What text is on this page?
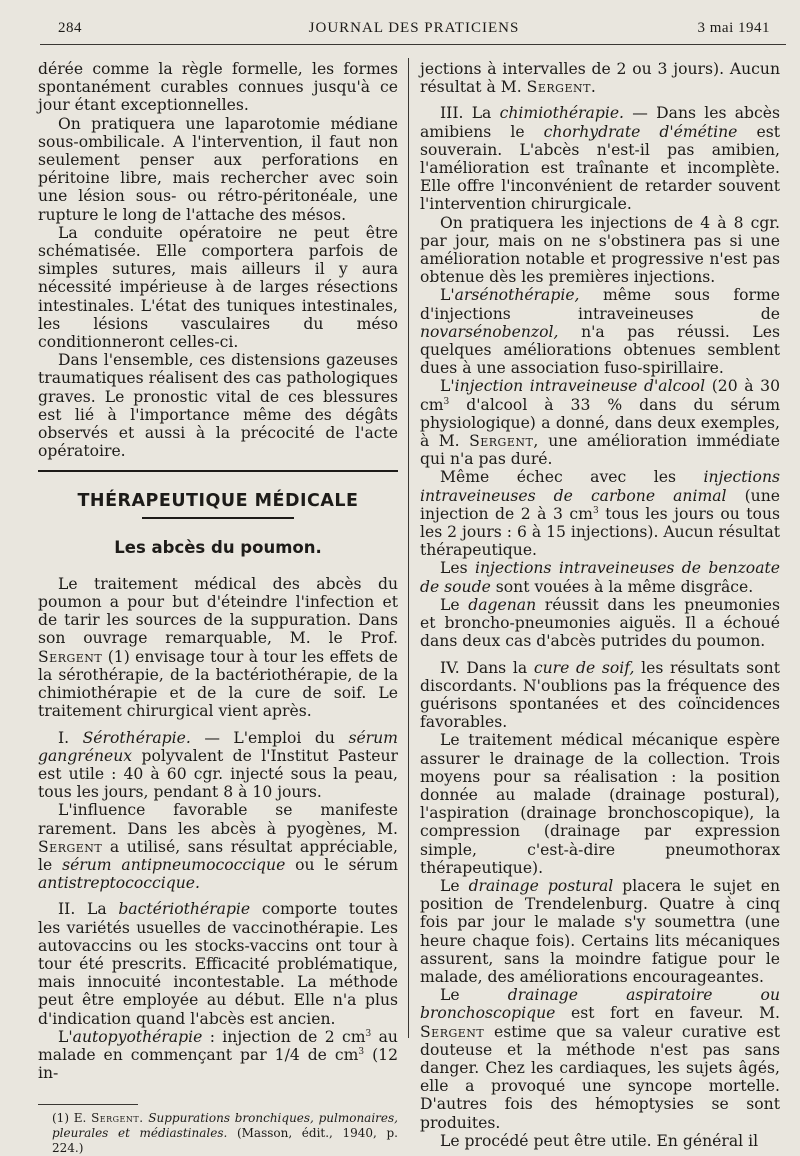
284	JOURNAL DES PRATICIENS	3 mai 1941

dérée comme la règle formelle, les formes spontanément curables connues jusqu'à ce jour étant exceptionnelles.

On pratiquera une laparotomie médiane sous-ombilicale. A l'intervention, il faut non seulement penser aux perforations en péritoine libre, mais rechercher avec soin une lésion sous- ou rétro-péritonéale, une rupture le long de l'attache des mésos.

La conduite opératoire ne peut être schématisée. Elle comportera parfois de simples sutures, mais ailleurs il y aura nécessité impérieuse à de larges résections intestinales. L'état des tuniques intestinales, les lésions vasculaires du méso conditionneront celles-ci.

Dans l'ensemble, ces distensions gazeuses traumatiques réalisent des cas pathologiques graves. Le pronostic vital de ces blessures est lié à l'importance même des dégâts observés et aussi à la précocité de l'acte opératoire.

THÉRAPEUTIQUE MÉDICALE
Les abcès du poumon.

Le traitement médical des abcès du poumon a pour but d'éteindre l'infection et de tarir les sources de la suppuration. Dans son ouvrage remarquable, M. le Prof. Sergent (1) envisage tour à tour les effets de la sérothérapie, de la bactériothérapie, de la chimiothérapie et de la cure de soif. Le traitement chirurgical vient après.

I. Sérothérapie. — L'emploi du sérum gangréneux polyvalent de l'Institut Pasteur est utile : 40 à 60 cgr. injecté sous la peau, tous les jours, pendant 8 à 10 jours.

L'influence favorable se manifeste rarement. Dans les abcès à pyogènes, M. Sergent a utilisé, sans résultat appréciable, le sérum antipneumococcique ou le sérum antistreptococcique.

II. La bactériothérapie comporte toutes les variétés usuelles de vaccinothérapie. Les autovaccins ou les stocks-vaccins ont tour à tour été prescrits. Efficacité problématique, mais innocuité incontestable. La méthode peut être employée au début. Elle n'a plus d'indication quand l'abcès est ancien.

L'autopyothérapie : injection de 2 $cm^3$ au malade en commençant par 1/4 de $cm^3$ (12 in-

(1) E. Sergent. Suppurations bronchiques, pulmonaires, pleurales et médiastinales. (Masson, édit., 1940, p. 224.)

jections à intervalles de 2 ou 3 jours). Aucun résultat à M. Sergent.

III. La chimiothérapie. — Dans les abcès amibiens le chorhydrate d'émétine est souverain. L'abcès n'est-il pas amibien, l'amélioration est traînante et incomplète. Elle offre l'inconvénient de retarder souvent l'intervention chirurgicale.

On pratiquera les injections de 4 à 8 cgr. par jour, mais on ne s'obstinera pas si une amélioration notable et progressive n'est pas obtenue dès les premières injections.

L'arsénothérapie, même sous forme d'injections intraveineuses de novarsénobenzol, n'a pas réussi. Les quelques améliorations obtenues semblent dues à une association fuso-spirillaire.

L'injection intraveineuse d'alcool (20 à 30 $cm^3$ d'alcool à 33 % dans du sérum physiologique) a donné, dans deux exemples, à M. Sergent, une amélioration immédiate qui n'a pas duré.

Même échec avec les injections intraveineuses de carbone animal (une injection de 2 à 3 $cm^3$ tous les jours ou tous les 2 jours : 6 à 15 injections). Aucun résultat thérapeutique.

Les injections intraveineuses de benzoate de soude sont vouées à la même disgrâce.

Le dagenan réussit dans les pneumonies et broncho-pneumonies aiguës. Il a échoué dans deux cas d'abcès putrides du poumon.

IV. Dans la cure de soif, les résultats sont discordants. N'oublions pas la fréquence des guérisons spontanées et des coïncidences favorables.

Le traitement médical mécanique espère assurer le drainage de la collection. Trois moyens pour sa réalisation : la position donnée au malade (drainage postural), l'aspiration (drainage bronchoscopique), la compression (drainage par expression simple, c'est-à-dire pneumothorax thérapeutique).

Le drainage postural placera le sujet en position de Trendelenburg. Quatre à cinq fois par jour le malade s'y soumettra (une heure chaque fois). Certains lits mécaniques assurent, sans la moindre fatigue pour le malade, des améliorations encourageantes.

Le	drainage aspiratoire ou bronchoscopique est fort en faveur. M. Sergent estime que sa valeur curative est douteuse et la méthode n'est pas sans danger. Chez les cardiaques, les sujets âgés, elle a provoqué une syncope mortelle. D'autres fois des hémoptysies se sont produites.

Le procédé peut être utile. En général il
